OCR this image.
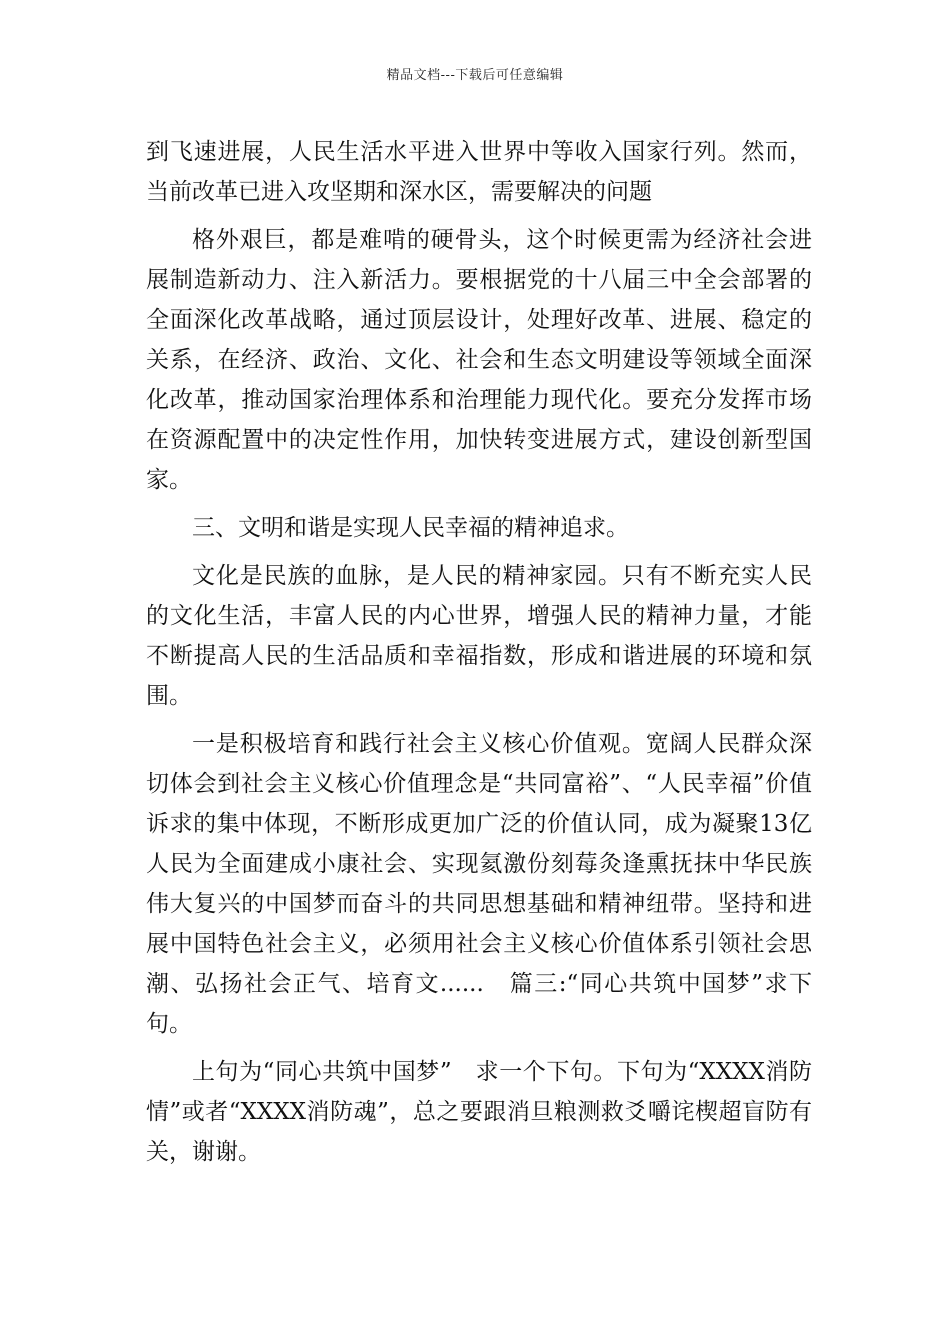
精品文档---下载后可任意编辑

到飞速进展，人民生活水平进入世界中等收入国家行列。然而，当前改革已进入攻坚期和深水区，需要解决的问题

格外艰巨，都是难啃的硬骨头，这个时候更需为经济社会进展制造新动力、注入新活力。要根据党的十八届三中全会部署的全面深化改革战略，通过顶层设计，处理好改革、进展、稳定的关系，在经济、政治、文化、社会和生态文明建设等领域全面深化改革，推动国家治理体系和治理能力现代化。要充分发挥市场在资源配置中的决定性作用，加快转变进展方式，建设创新型国家。

三、文明和谐是实现人民幸福的精神追求。

文化是民族的血脉，是人民的精神家园。只有不断充实人民的文化生活，丰富人民的内心世界，增强人民的精神力量，才能不断提高人民的生活品质和幸福指数，形成和谐进展的环境和氛围。

一是积极培育和践行社会主义核心价值观。宽阔人民群众深切体会到社会主义核心价值理念是“共同富裕”、“人民幸福”价值诉求的集中体现，不断形成更加广泛的价值认同，成为凝聚13亿人民为全面建成小康社会、实现氦激份刻莓灸逢熏抚抹中华民族伟大复兴的中国梦而奋斗的共同思想基础和精神纽带。坚持和进展中国特色社会主义，必须用社会主义核心价值体系引领社会思潮、弘扬社会正气、培育文......　篇三:“同心共筑中国梦”求下句。

上句为“同心共筑中国梦”　求一个下句。下句为“XXXX消防情”或者“XXXX消防魂”，总之要跟消旦粮测救爻嚼诧楔超盲防有关，谢谢。
